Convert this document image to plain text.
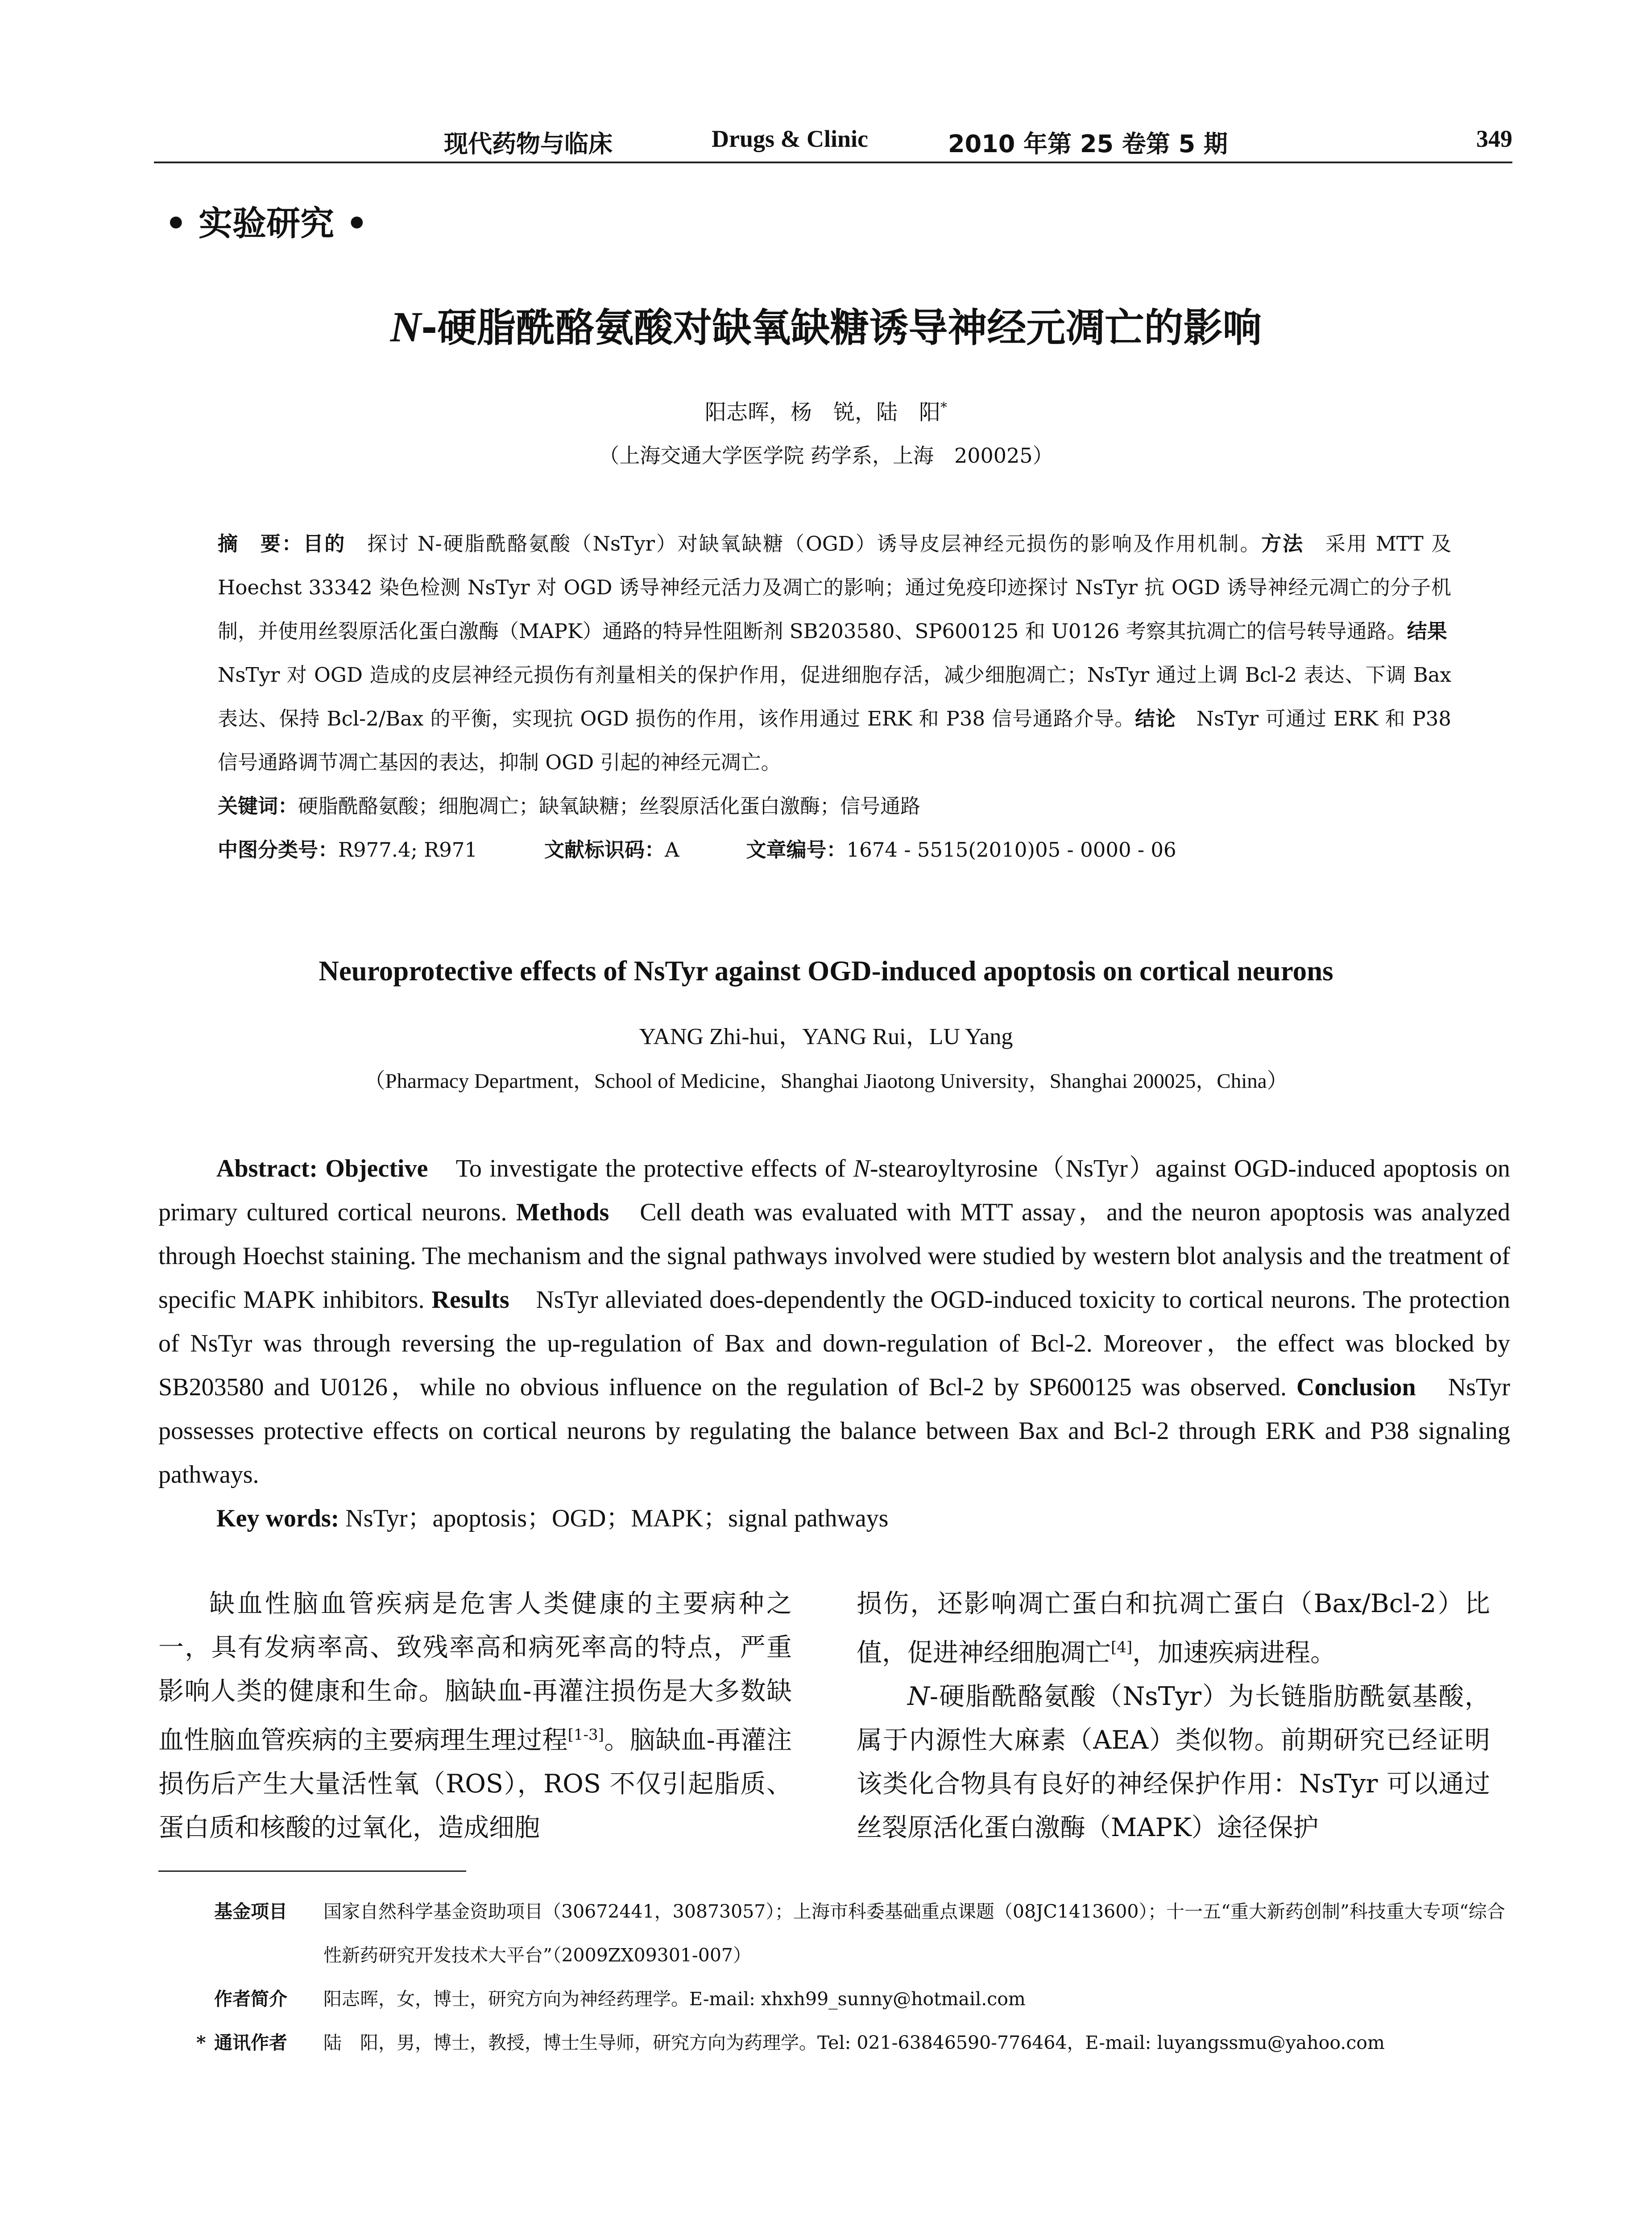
现代药物与临床	Drugs & Clinic	2010 年第 25 卷第 5 期	349
• 实验研究 •
N-硬脂酰酪氨酸对缺氧缺糖诱导神经元凋亡的影响
阳志晖，杨　锐，陆　阳*
（上海交通大学医学院 药学系，上海　200025）
摘　要：目的　探讨 N-硬脂酰酪氨酸（NsTyr）对缺氧缺糖（OGD）诱导皮层神经元损伤的影响及作用机制。方法　采用 MTT 及 Hoechst 33342 染色检测 NsTyr 对 OGD 诱导神经元活力及凋亡的影响；通过免疫印迹探讨 NsTyr 抗 OGD 诱导神经元凋亡的分子机制，并使用丝裂原活化蛋白激酶（MAPK）通路的特异性阻断剂 SB203580、SP600125 和 U0126 考察其抗凋亡的信号转导通路。结果　NsTyr 对 OGD 造成的皮层神经元损伤有剂量相关的保护作用，促进细胞存活，减少细胞凋亡；NsTyr 通过上调 Bcl-2 表达、下调 Bax 表达、保持 Bcl-2/Bax 的平衡，实现抗 OGD 损伤的作用，该作用通过 ERK 和 P38 信号通路介导。结论　NsTyr 可通过 ERK 和 P38 信号通路调节凋亡基因的表达，抑制 OGD 引起的神经元凋亡。
关键词：硬脂酰酪氨酸；细胞凋亡；缺氧缺糖；丝裂原活化蛋白激酶；信号通路
中图分类号：R977.4; R971	文献标识码：A	文章编号：1674 - 5515(2010)05 - 0000 - 06
Neuroprotective effects of NsTyr against OGD-induced apoptosis on cortical neurons
YANG Zhi-hui，YANG Rui，LU Yang
（Pharmacy Department，School of Medicine，Shanghai Jiaotong University，Shanghai 200025，China）

Abstract: Objective　To investigate the protective effects of N-stearoyltyrosine（NsTyr）against OGD-induced apoptosis on primary cultured cortical neurons. Methods　Cell death was evaluated with MTT assay，and the neuron apoptosis was analyzed through Hoechst staining. The mechanism and the signal pathways involved were studied by western blot analysis and the treatment of specific MAPK inhibitors. Results　NsTyr alleviated does-dependently the OGD-induced toxicity to cortical neurons. The protection of NsTyr was through reversing the up-regulation of Bax and down-regulation of Bcl-2. Moreover，the effect was blocked by SB203580 and U0126，while no obvious influence on the regulation of Bcl-2 by SP600125 was observed. Conclusion　NsTyr possesses protective effects on cortical neurons by regulating the balance between Bax and Bcl-2 through ERK and P38 signaling pathways.

Key words: NsTyr；apoptosis；OGD；MAPK；signal pathways

缺血性脑血管疾病是危害人类健康的主要病种之一，具有发病率高、致残率高和病死率高的特点，严重影响人类的健康和生命。脑缺血-再灌注损伤是大多数缺血性脑血管疾病的主要病理生理过程[1-3]。脑缺血-再灌注损伤后产生大量活性氧（ROS），ROS 不仅引起脂质、蛋白质和核酸的过氧化，造成细胞

损伤，还影响凋亡蛋白和抗凋亡蛋白（Bax/Bcl-2）比值，促进神经细胞凋亡[4]，加速疾病进程。

N-硬脂酰酪氨酸（NsTyr）为长链脂肪酰氨基酸，属于内源性大麻素（AEA）类似物。前期研究已经证明该类化合物具有良好的神经保护作用：NsTyr 可以通过丝裂原活化蛋白激酶（MAPK）途径保护

基金项目 国家自然科学基金资助项目（30672441，30873057）；上海市科委基础重点课题（08JC1413600）；十一五“重大新药创制”科技重大专项“综合性新药研究开发技术大平台”（2009ZX09301-007）
作者简介 阳志晖，女，博士，研究方向为神经药理学。E-mail: xhxh99_sunny@hotmail.com
* 通讯作者 陆　阳，男，博士，教授，博士生导师，研究方向为药理学。Tel: 021-63846590-776464，E-mail: luyangssmu@yahoo.com
